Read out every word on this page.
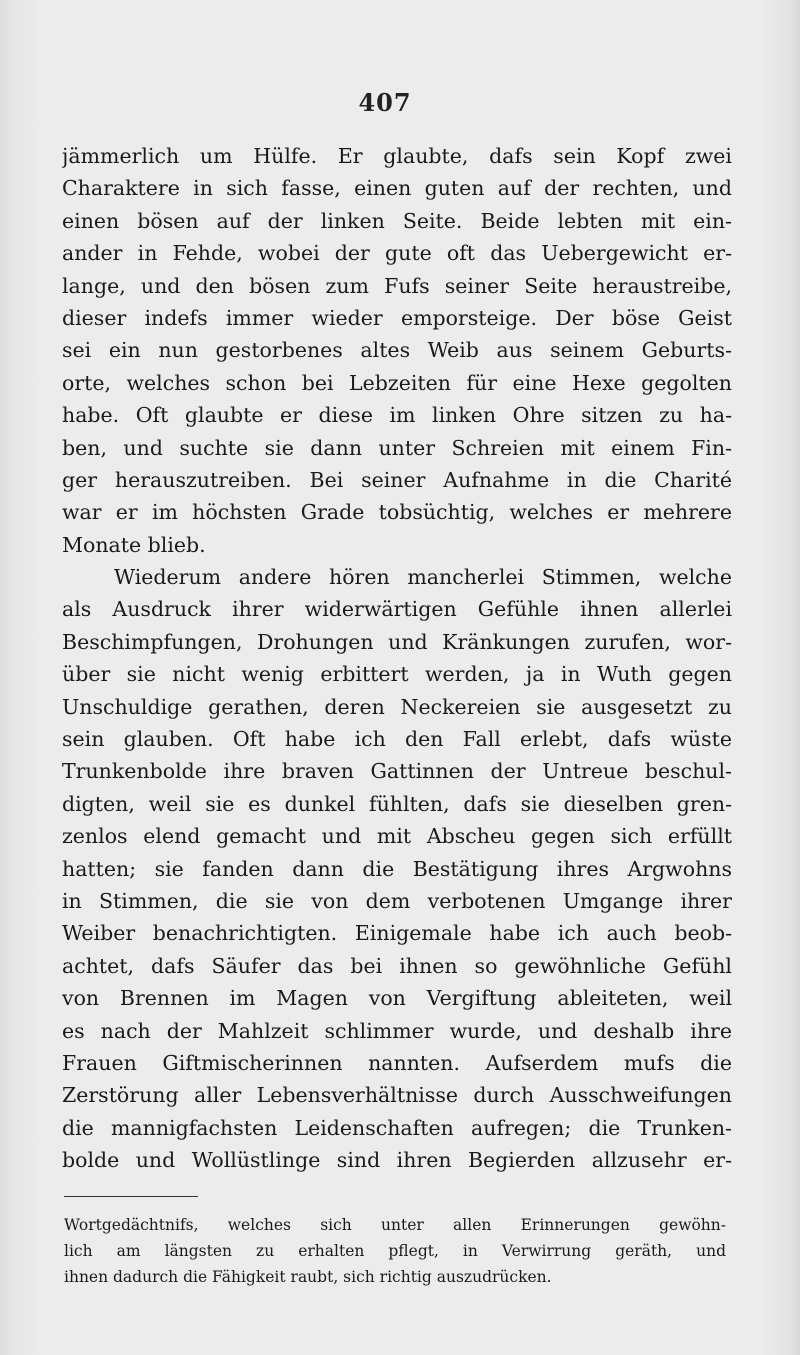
407
jämmerlich um Hülfe. Er glaubte, dafs sein Kopf zwei
Charaktere in sich fasse, einen guten auf der rechten, und
einen bösen auf der linken Seite. Beide lebten mit ein-
ander in Fehde, wobei der gute oft das Uebergewicht er-
lange, und den bösen zum Fufs seiner Seite heraustreibe,
dieser indefs immer wieder emporsteige. Der böse Geist
sei ein nun gestorbenes altes Weib aus seinem Geburts-
orte, welches schon bei Lebzeiten für eine Hexe gegolten
habe. Oft glaubte er diese im linken Ohre sitzen zu ha-
ben, und suchte sie dann unter Schreien mit einem Fin-
ger herauszutreiben. Bei seiner Aufnahme in die Charité
war er im höchsten Grade tobsüchtig, welches er mehrere
Monate blieb.
Wiederum andere hören mancherlei Stimmen, welche
als Ausdruck ihrer widerwärtigen Gefühle ihnen allerlei
Beschimpfungen, Drohungen und Kränkungen zurufen, wor-
über sie nicht wenig erbittert werden, ja in Wuth gegen
Unschuldige gerathen, deren Neckereien sie ausgesetzt zu
sein glauben. Oft habe ich den Fall erlebt, dafs wüste
Trunkenbolde ihre braven Gattinnen der Untreue beschul-
digten, weil sie es dunkel fühlten, dafs sie dieselben gren-
zenlos elend gemacht und mit Abscheu gegen sich erfüllt
hatten; sie fanden dann die Bestätigung ihres Argwohns
in Stimmen, die sie von dem verbotenen Umgange ihrer
Weiber benachrichtigten. Einigemale habe ich auch beob-
achtet, dafs Säufer das bei ihnen so gewöhnliche Gefühl
von Brennen im Magen von Vergiftung ableiteten, weil
es nach der Mahlzeit schlimmer wurde, und deshalb ihre
Frauen Giftmischerinnen nannten. Aufserdem mufs die
Zerstörung aller Lebensverhältnisse durch Ausschweifungen
die mannigfachsten Leidenschaften aufregen; die Trunken-
bolde und Wollüstlinge sind ihren Begierden allzusehr er-
Wortgedächtnifs, welches sich unter allen Erinnerungen gewöhn-
lich am längsten zu erhalten pflegt, in Verwirrung geräth, und
ihnen dadurch die Fähigkeit raubt, sich richtig auszudrücken.
